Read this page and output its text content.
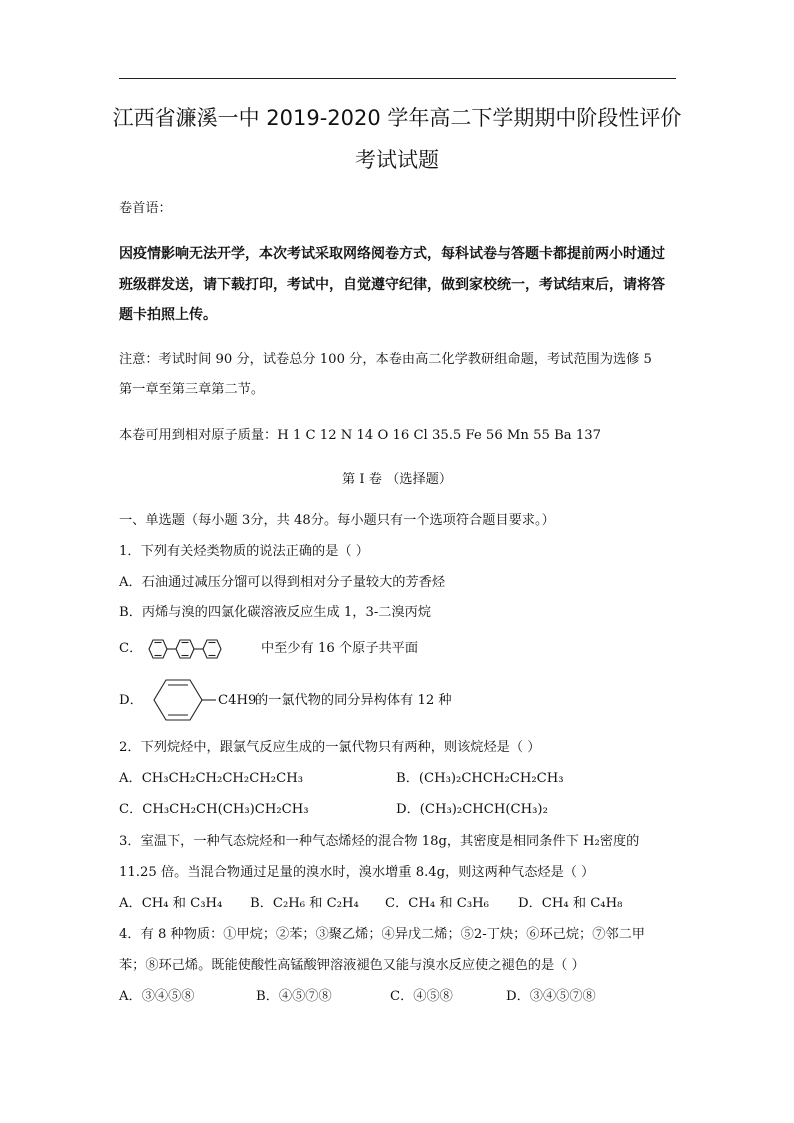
江西省濂溪一中 2019-2020 学年高二下学期期中阶段性评价
考试试题
卷首语：
因疫情影响无法开学，本次考试采取网络阅卷方式，每科试卷与答题卡都提前两小时通过
班级群发送，请下载打印，考试中，自觉遵守纪律，做到家校统一，考试结束后，请将答
题卡拍照上传。
注意：考试时间 90 分，试卷总分 100 分，本卷由高二化学教研组命题，考试范围为选修 5
第一章至第三章第二节。
本卷可用到相对原子质量：H 1 C 12 N 14 O 16 Cl 35.5 Fe 56 Mn 55 Ba 137
第 Ⅰ 卷 （选择题）
一、单选题（每小题 3分，共 48分。每小题只有一个选项符合题目要求。）
1．下列有关烃类物质的说法正确的是（ ）
A．石油通过减压分馏可以得到相对分子量较大的芳香烃
B．丙烯与溴的四氯化碳溶液反应生成 1，3-二溴丙烷
C．	中至少有 16 个原子共平面
D．	C4H9
的一氯代物的同分异构体有 12 种
2．下列烷烃中，跟氯气反应生成的一氯代物只有两种，则该烷烃是（ ）
A．CH₃CH₂CH₂CH₂CH₂CH₃	B．(CH₃)₂CHCH₂CH₂CH₃
C．CH₃CH₂CH(CH₃)CH₂CH₃	D．(CH₃)₂CHCH(CH₃)₂
3．室温下，一种气态烷烃和一种气态烯烃的混合物 18g，其密度是相同条件下 H₂密度的
11.25 倍。当混合物通过足量的溴水时，溴水增重 8.4g，则这两种气态烃是（ ）
A．CH₄ 和 C₃H₄ B．C₂H₆ 和 C₂H₄ C．CH₄ 和 C₃H₆ D．CH₄ 和 C₄H₈
4．有 8 种物质：①甲烷；②苯；③聚乙烯；④异戊二烯；⑤2-丁炔；⑥环己烷；⑦邻二甲
苯；⑧环己烯。既能使酸性高锰酸钾溶液褪色又能与溴水反应使之褪色的是（ ）
A．③④⑤⑧	B．④⑤⑦⑧	C．④⑤⑧	D．③④⑤⑦⑧
